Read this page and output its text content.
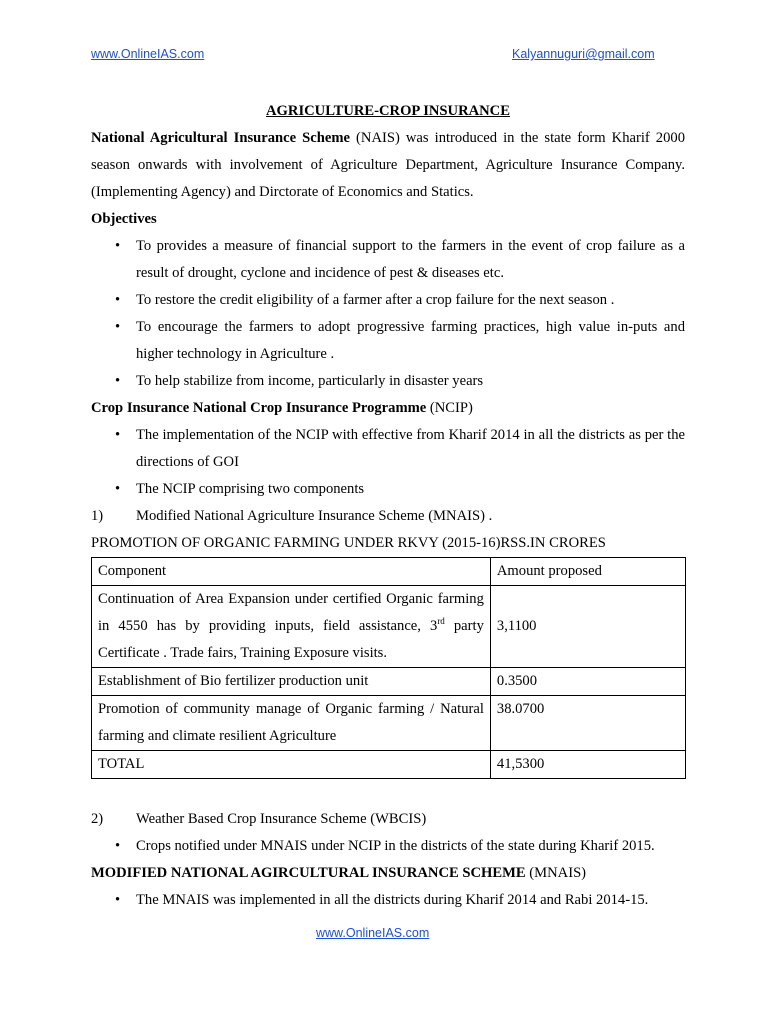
www.OnlineIAS.com	Kalyannuguri@gmail.com
AGRICULTURE-CROP INSURANCE

National Agricultural Insurance Scheme (NAIS) was introduced in the state form Kharif 2000 season onwards with involvement of Agriculture Department, Agriculture Insurance Company. (Implementing Agency) and Dirctorate of Economics and Statics.

Objectives

• To provides a measure of financial support to the farmers in the event of crop failure as a result of drought, cyclone and incidence of pest & diseases etc.
• To restore the credit eligibility of a farmer after a crop failure for the next season .
• To encourage the farmers to adopt progressive farming practices, high value in-puts and higher technology in Agriculture .
• To help stabilize from income, particularly in disaster years

Crop Insurance National Crop Insurance Programme (NCIP)

• The implementation of the NCIP with effective from Kharif 2014 in all the districts as per the directions of GOI
• The NCIP comprising two components
1) Modified National Agriculture Insurance Scheme (MNAIS) .

PROMOTION OF ORGANIC FARMING UNDER RKVY (2015-16)RSS.IN CRORES

Component	Amount proposed
Continuation of Area Expansion under certified Organic farming in 4550 has by providing inputs, field assistance, 3rd party Certificate . Trade fairs, Training Exposure visits.	3,1100
Establishment of Bio fertilizer production unit	0.3500
Promotion of community manage of Organic farming / Natural farming and climate resilient Agriculture	38.0700
TOTAL	41,5300
2) Weather Based Crop Insurance Scheme (WBCIS)
• Crops notified under MNAIS under NCIP in the districts of the state during Kharif 2015.

MODIFIED NATIONAL AGIRCULTURAL INSURANCE SCHEME (MNAIS)

• The MNAIS was implemented in all the districts during Kharif 2014 and Rabi 2014-15.
www.OnlineIAS.com
